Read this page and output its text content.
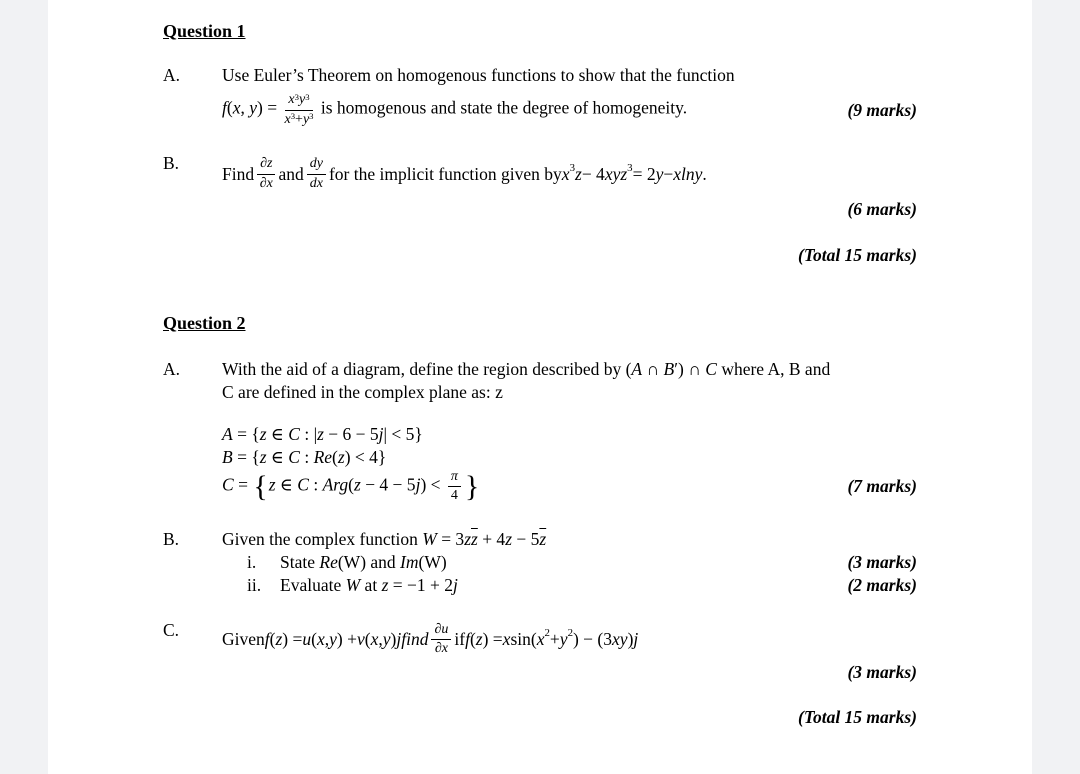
Question 1
A.	Use Euler’s Theorem on homogenous functions to show that the function
f(x, $y) = \frac{x^3y^3}{x^3+y^3}$ is homogenous and state the degree of homogeneity.	(9 marks)
B.
Find $\frac{\partial z}{\partial x}$ and $\frac{dy}{dx}$ for the implicit function given by x 3 z − 4 xyz 3 = 2 y − xlny .
(6 marks)
(Total 15 marks)
Question 2
A.	With the aid of a diagram, define the region described by (A ∩ B′) ∩ C where A, B and
C are defined in the complex plane as: z
A = {z ∈ C : |z − 6 − 5j| < 5}
B = {z ∈ C : Re(z) < 4}
C = {z ∈ C : $Arg(z - 4 - 5j) < \frac{\pi}{4}$ }	(7 marks)
B.	Given the complex function $W = 3z\overline{z} + 4z - 5\overline{z}$
i. State Re(W) and Im(W)	(3 marks)
ii. Evaluate W at z = −1 + 2j	(2 marks)
C.	Given f ( z ) = u ( x , y ) + v ( x , y ) j find $\frac{\partial u}{\partial x}$ if f ( z ) = x sin( x 2 + y 2 ) − (3 xy ) j
(3 marks)
(Total 15 marks)
